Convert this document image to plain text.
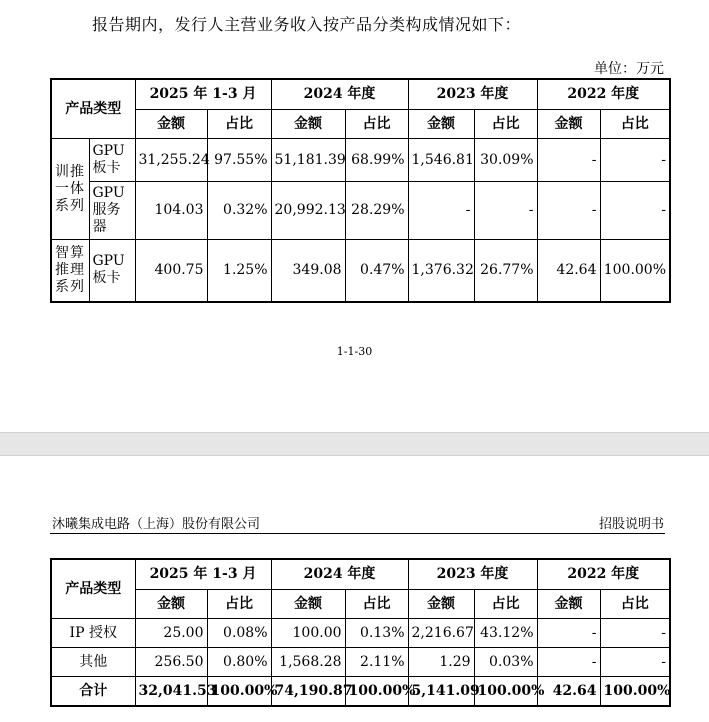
报告期内，发行人主营业务收入按产品分类构成情况如下：
单位：万元
产品类型		2025 年 1-3 月		2024 年度		2023 年度		2022 年度	
		金额	占比	金额	占比	金额	占比	金额	占比
训推一体系列	GPU 板卡	31,255.24	97.55%	51,181.39	68.99%	1,546.81	30.09%	-	-
	GPU 服务器	104.03	0.32%	20,992.13	28.29%	-	-	-	-
智算推理系列	GPU 板卡	400.75	1.25%	349.08	0.47%	1,376.32	26.77%	42.64	100.00%
1-1-30
沐曦集成电路（上海）股份有限公司	招股说明书
产品类型	2025 年 1-3 月		2024 年度		2023 年度		2022 年度	
	金额	占比	金额	占比	金额	占比	金额	占比
IP 授权	25.00	0.08%	100.00	0.13%	2,216.67	43.12%	-	-
其他	256.50	0.80%	1,568.28	2.11%	1.29	0.03%	-	-
合计	32,041.53	100.00%	74,190.87	100.00%	5,141.09	100.00%	42.64	100.00%
